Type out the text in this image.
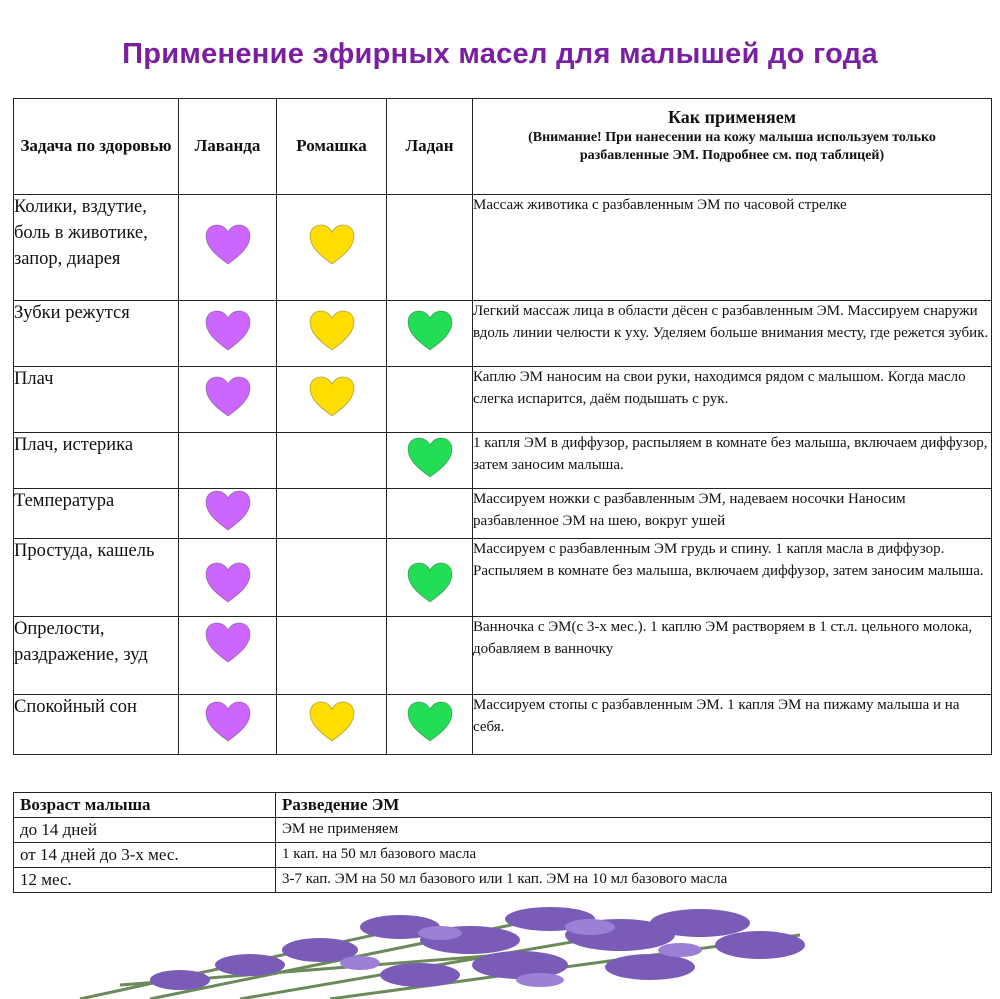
Применение эфирных масел для малышей до года
Задача по здоровью	Лаванда	Ромашка	Ладан	Как применяем
(Внимание! При нанесении на кожу малыша используем только разбавленные ЭМ. Подробнее см. под таблицей)

Колики, вздутие, боль в животике, запор, диарея				Массаж животика с разбавленным ЭМ по часовой стрелке
Зубки режутся				Легкий массаж лица в области дёсен с разбавленным ЭМ. Массируем снаружи вдоль линии челюсти к уху. Уделяем больше внимания месту, где режется зубик.
Плач				Каплю ЭМ наносим на свои руки, находимся рядом с малышом. Когда масло слегка испарится, даём подышать с рук.
Плач, истерика				1 капля ЭМ в диффузор, распыляем в комнате без малыша, включаем диффузор, затем заносим малыша.
Температура				Массируем ножки с разбавленным ЭМ, надеваем носочки Наносим разбавленное ЭМ на шею, вокруг ушей
Простуда, кашель				Массируем с разбавленным ЭМ грудь и спину. 1 капля масла в диффузор. Распыляем в комнате без малыша, включаем диффузор, затем заносим малыша.
Опрелости, раздражение, зуд				Ванночка с ЭМ(с 3-х мес.). 1 каплю ЭМ растворяем в 1 ст.л. цельного молока, добавляем в ванночку
Спокойный сон				Массируем стопы с разбавленным ЭМ. 1 капля ЭМ на пижаму малыша и на себя.
Возраст малыша	Разведение ЭМ
до 14 дней	ЭМ не применяем
от 14 дней до 3-х мес.	1 кап. на 50 мл базового масла
12 мес.	3-7 кап. ЭМ на 50 мл базового или 1 кап. ЭМ на 10 мл базового масла
